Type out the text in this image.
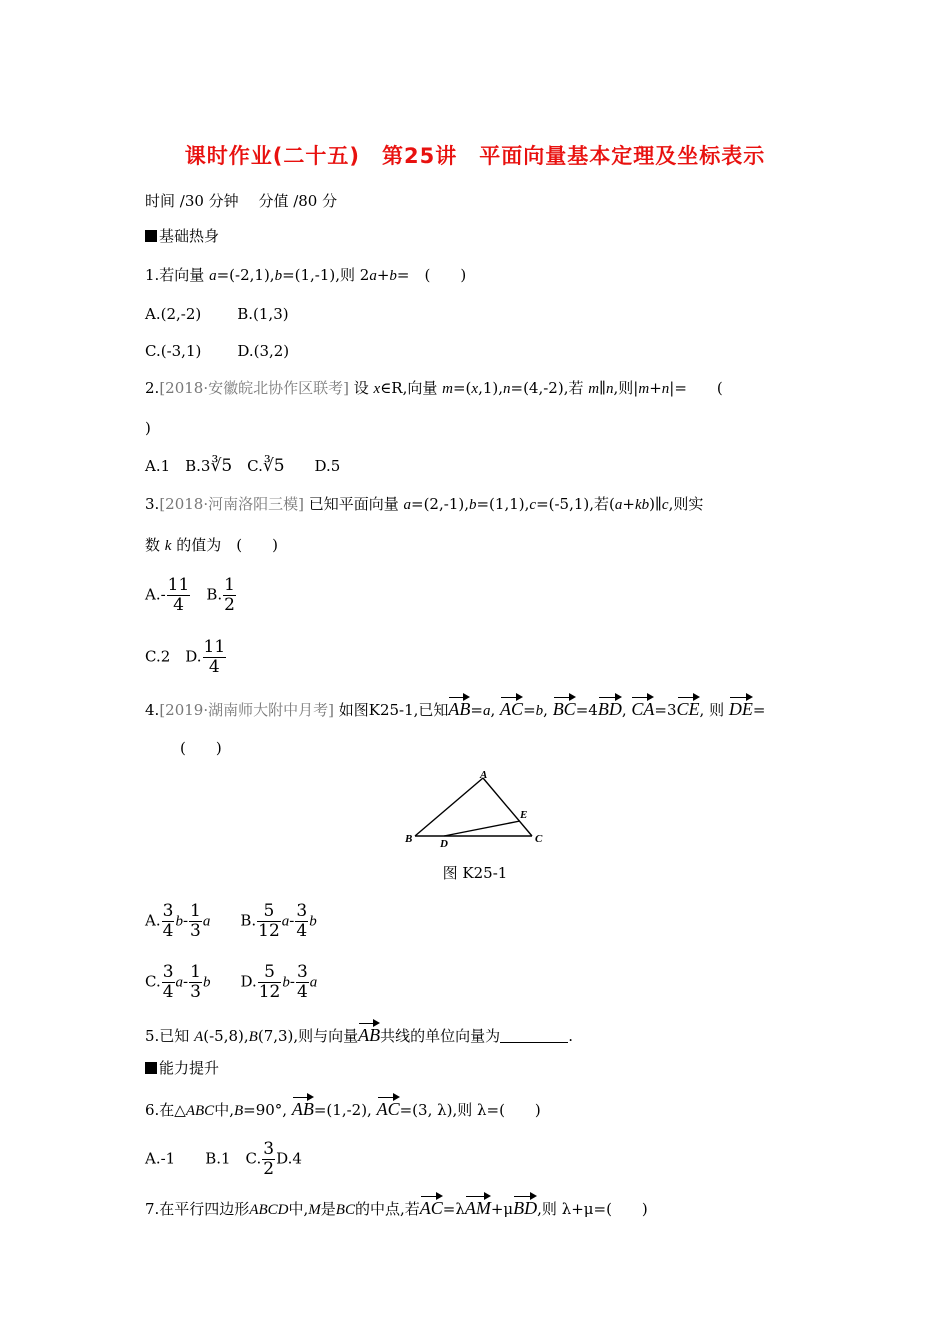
课时作业(二十五)　第25讲　平面向量基本定理及坐标表示
时间 ∕30 分钟　 分值 ∕80 分
基础热身
1.若向量 a=(-2,1),b=(1,-1),则 2a+b=　(　　)
A.(2,-2) B.(1,3)
C.(-3,1) D.(3,2)
2.[2018·安徽皖北协作区联考] 设 x∈R,向量 m=(x,1),n=(4,-2),若 m∥n,则|m+n|=　　(
)
A.1　B.3∛5　C.∛5　　D.5
3.[2018·河南洛阳三模] 已知平面向量 a=(2,-1),b=(1,1),c=(-5,1),若(a+kb)∥c,则实
数 k 的值为　(　　)
$A.- \frac{11}{4}$ 　B. $\frac{1}{2}$
C.2　D. $\frac{11}{4}$
4.[2019·湖南师大附中月考] 如图K25-1,已知AB=a, AC=b, BC=4BD, CA=3CE, 则 DE=
(　　)
A
B	C
D
E
图 K25-1
A. $\frac{3}{4} b- \frac{1}{3}$ a　　B. $\frac{5}{12} a- \frac{3}{4}$ b
C. $\frac{3}{4} a- \frac{1}{3}$ b　　D. $\frac{5}{12} b- \frac{3}{4}$ a
5.已知 A(-5,8),B(7,3),则与向量AB共线的单位向量为	.
能力提升
6.在△ABC中,B=90°, AB=(1,-2), AC=(3, λ),则 λ=(　　)
A.-1　　B.1　C. $\frac{3}{2} D.4$
7.在平行四边形ABCD中,M是BC的中点,若AC=λAM+μBD,则 λ+μ=(　　)
